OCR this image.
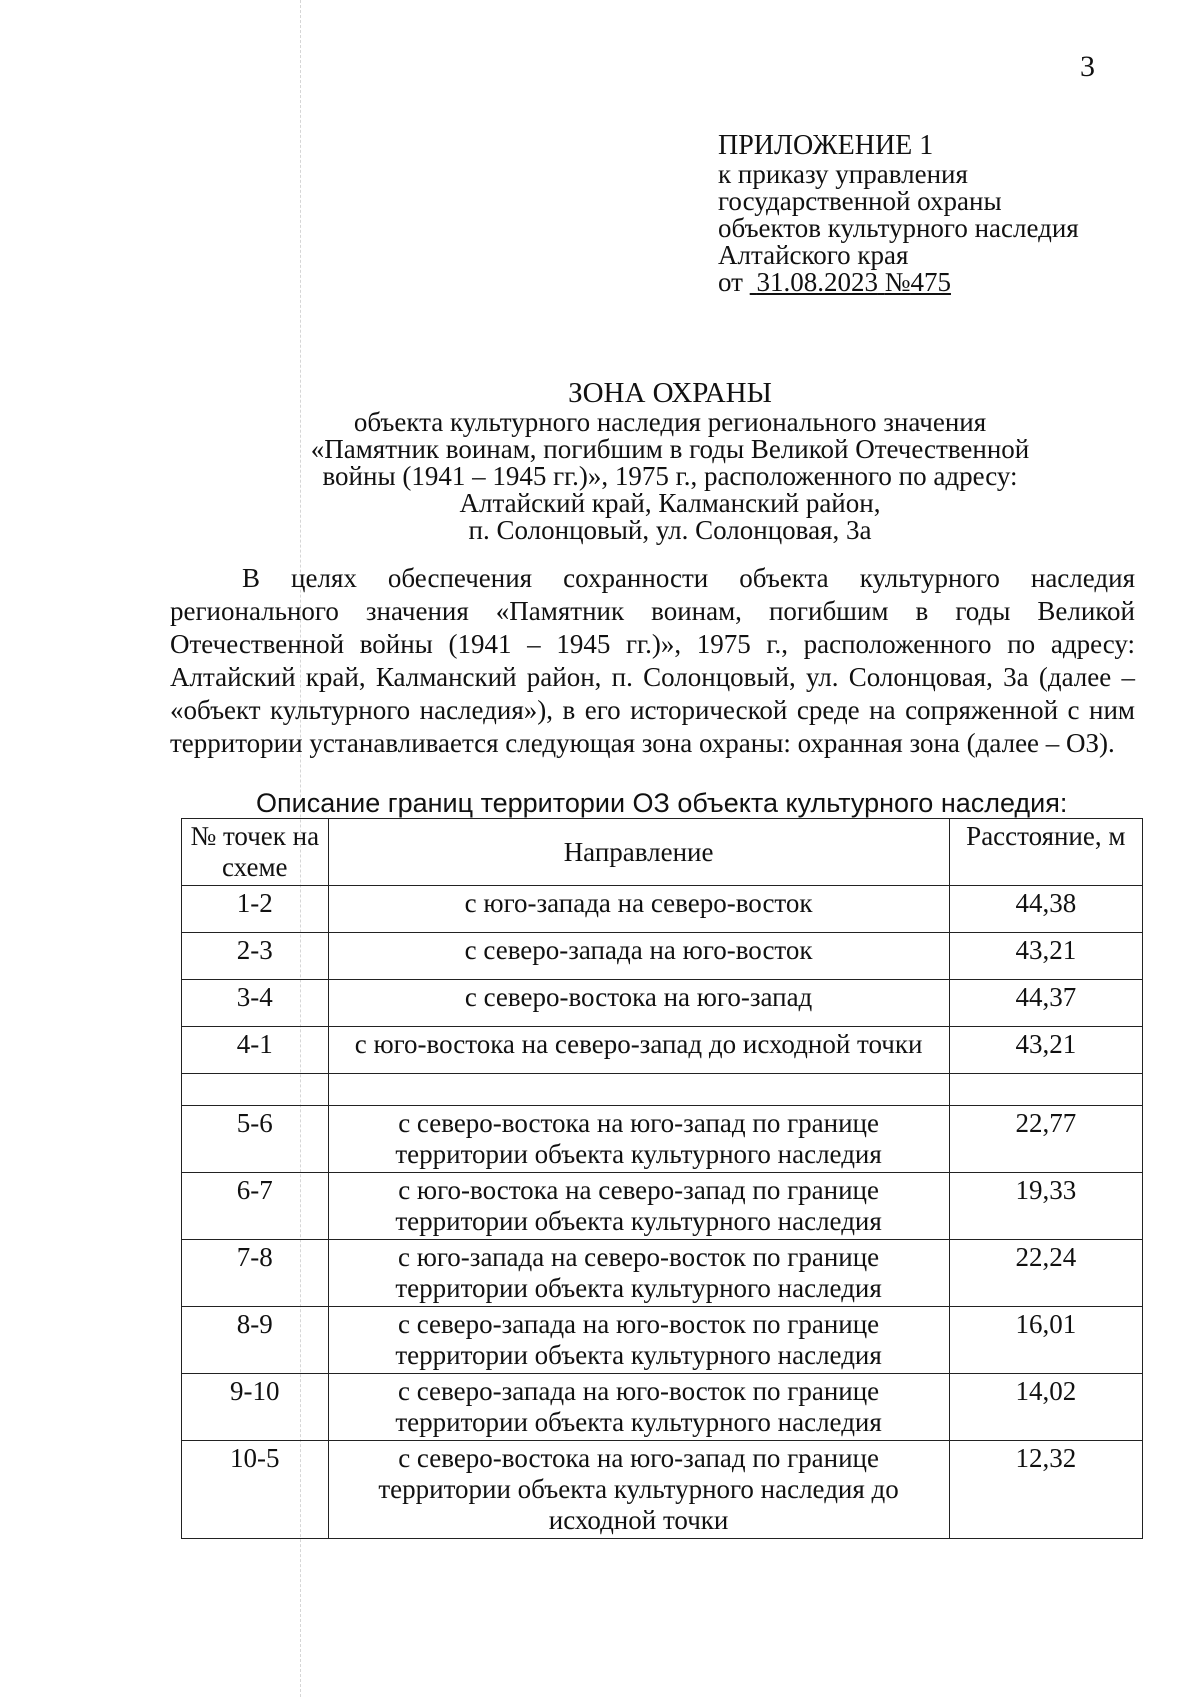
3
ПРИЛОЖЕНИЕ 1
к приказу управления
государственной охраны
объектов культурного наследия
Алтайского края
от 31.08.2023 №475
ЗОНА ОХРАНЫ
объекта культурного наследия регионального значения
«Памятник воинам, погибшим в годы Великой Отечественной
войны (1941 – 1945 гг.)», 1975 г., расположенного по адресу:
Алтайский край, Калманский район,
п. Солонцовый, ул. Солонцовая, 3а
В целях обеспечения сохранности объекта культурного наследия регионального значения «Памятник воинам, погибшим в годы Великой Отечественной войны (1941 – 1945 гг.)», 1975 г., расположенного по адресу: Алтайский край, Калманский район, п. Солонцовый, ул. Солонцовая, 3а (далее – «объект культурного наследия»), в его исторической среде на сопряженной с ним территории устанавливается следующая зона охраны: охранная зона (далее – ОЗ).
Описание границ территории ОЗ объекта культурного наследия:
№ точек на схеме	Направление	Расстояние, м
1-2	с юго-запада на северо-восток	44,38
2-3	с северо-запада на юго-восток	43,21
3-4	с северо-востока на юго-запад	44,37
4-1	с юго-востока на северо-запад до исходной точки	43,21

5-6	с северо-востока на юго-запад по границе территории объекта культурного наследия	22,77
6-7	с юго-востока на северо-запад по границе территории объекта культурного наследия	19,33
7-8	с юго-запада на северо-восток по границе территории объекта культурного наследия	22,24
8-9	с северо-запада на юго-восток по границе территории объекта культурного наследия	16,01
9-10	с северо-запада на юго-восток по границе территории объекта культурного наследия	14,02
10-5	с северо-востока на юго-запад по границе территории объекта культурного наследия до исходной точки	12,32
